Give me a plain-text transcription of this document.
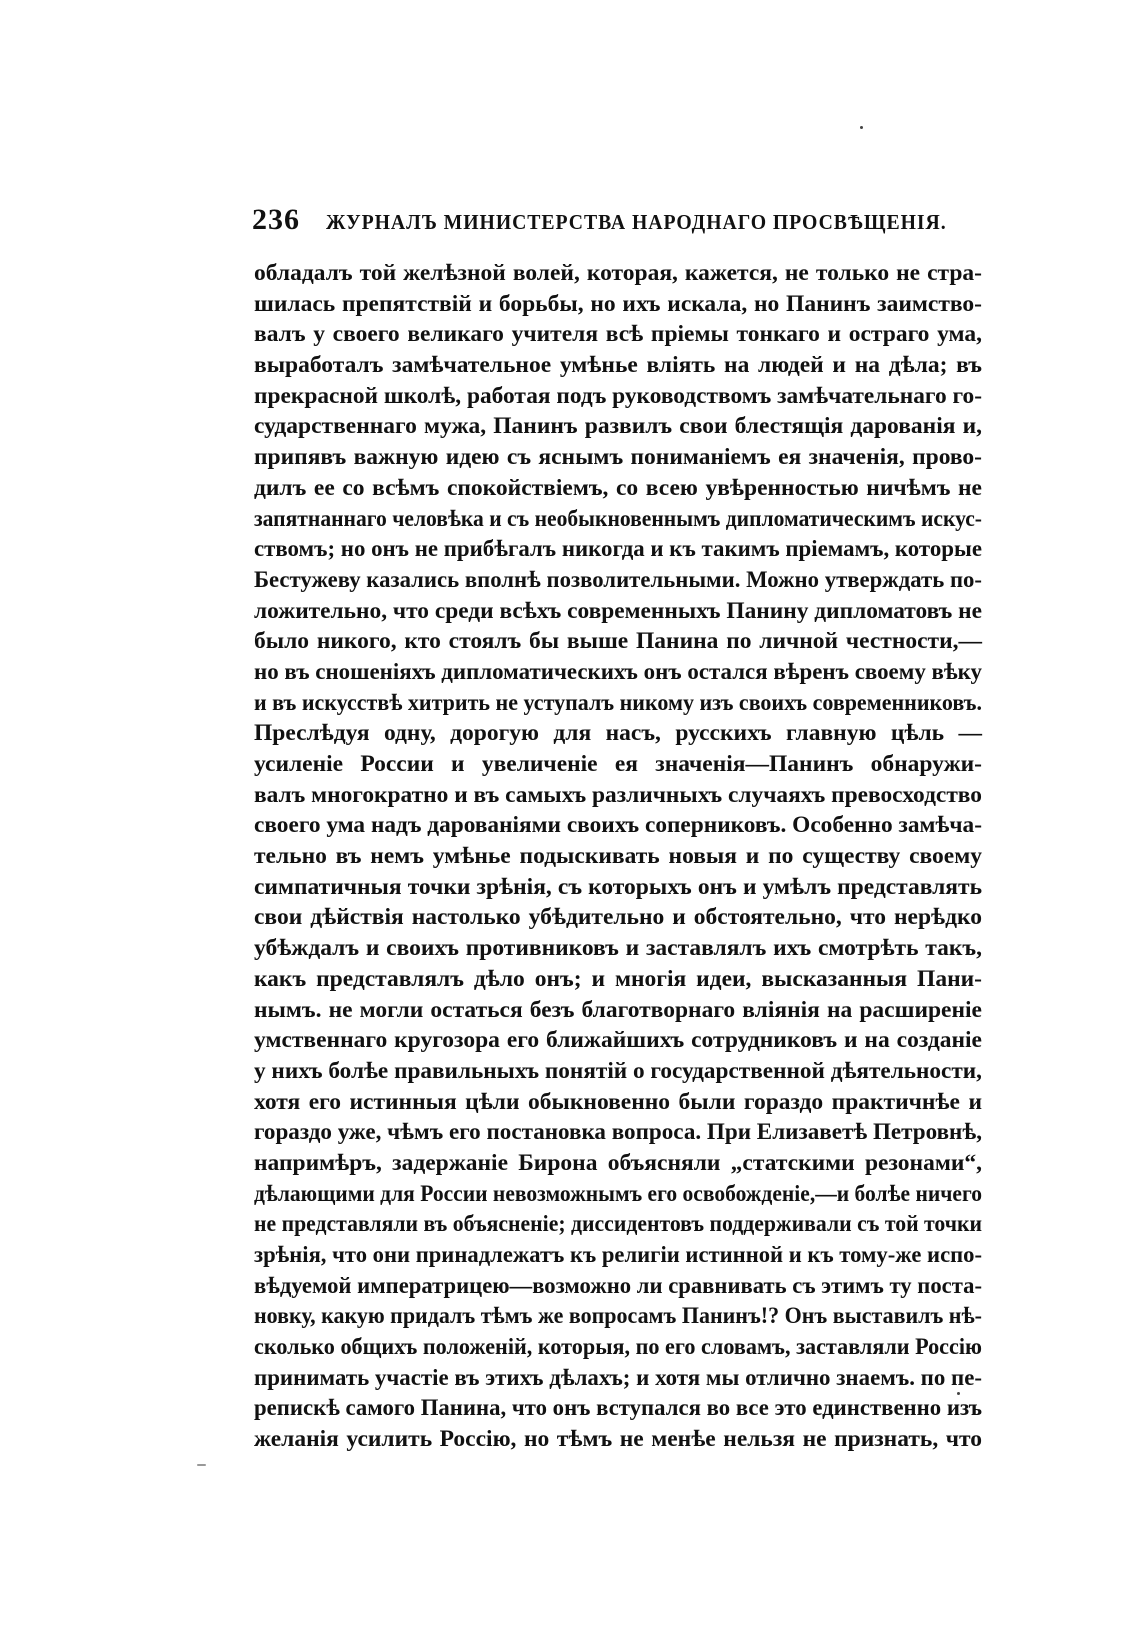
236 ЖУРНАЛЪ МИНИСТЕРСТВА НАРОДНАГО ПРОСВѢЩЕНІЯ.
обладалъ той желѣзной волей, которая, кажется, не только не стра-
шилась препятствій и борьбы, но ихъ искала, но Панинъ заимство-
валъ у своего великаго учителя всѣ пріемы тонкаго и остраго ума,
выработалъ замѣчательное умѣнье вліять на людей и на дѣла; въ
прекрасной школѣ, работая подъ руководствомъ замѣчательнаго го-
сударственнаго мужа, Панинъ развилъ свои блестящія дарованія и,
припявъ важную идею съ яснымъ пониманіемъ ея значенія, прово-
дилъ ее со всѣмъ спокойствіемъ, со всею увѣренностью ничѣмъ не
запятнаннаго человѣка и съ необыкновеннымъ дипломатическимъ искус-
ствомъ; но онъ не прибѣгалъ никогда и къ такимъ пріемамъ, которые
Бестужеву казались вполнѣ позволительными. Можно утверждать по-
ложительно, что среди всѣхъ современныхъ Панину дипломатовъ не
было никого, кто стоялъ бы выше Панина по личной честности,—
но въ сношеніяхъ дипломатическихъ онъ остался вѣренъ своему вѣку
и въ искусствѣ хитрить не уступалъ никому изъ своихъ современниковъ.
Преслѣдуя одну, дорогую для насъ, русскихъ главную цѣль —
усиленіе России и увеличеніе ея значенія—Панинъ обнаружи-
валъ многократно и въ самыхъ различныхъ случаяхъ превосходство
своего ума надъ дарованіями своихъ соперниковъ. Особенно замѣча-
тельно въ немъ умѣнье подыскивать новыя и по существу своему
симпатичныя точки зрѣнія, съ которыхъ онъ и умѣлъ представлять
свои дѣйствія настолько убѣдительно и обстоятельно, что нерѣдко
убѣждалъ и своихъ противниковъ и заставлялъ ихъ смотрѣть такъ,
какъ представлялъ дѣло онъ; и многія идеи, высказанныя Пани-
нымъ. не могли остаться безъ благотворнаго вліянія на расширеніе
умственнаго кругозора его ближайшихъ сотрудниковъ и на созданіе
у нихъ болѣе правильныхъ понятій о государственной дѣятельности,
хотя его истинныя цѣли обыкновенно были гораздо практичнѣе и
гораздо уже, чѣмъ его постановка вопроса. При Елизаветѣ Петровнѣ,
напримѣръ, задержаніе Бирона объясняли „статскими резонами“,
дѣлающими для России невозможнымъ его освобожденіе,—и болѣе ничего
не представляли въ объясненіе; диссидентовъ поддерживали съ той точки
зрѣнія, что они принадлежатъ къ религіи истинной и къ тому-же испо-
вѣдуемой императрицею—возможно ли сравнивать съ этимъ ту поста-
новку, какую придалъ тѣмъ же вопросамъ Панинъ!? Онъ выставилъ нѣ-
сколько общихъ положеній, которыя, по его словамъ, заставляли Россію
принимать участіе въ этихъ дѣлахъ; и хотя мы отлично знаемъ. по пе-
репискѣ самого Панина, что онъ вступался во все это единственно изъ
желанія усилить Россію, но тѣмъ не менѣе нельзя не признать, что
